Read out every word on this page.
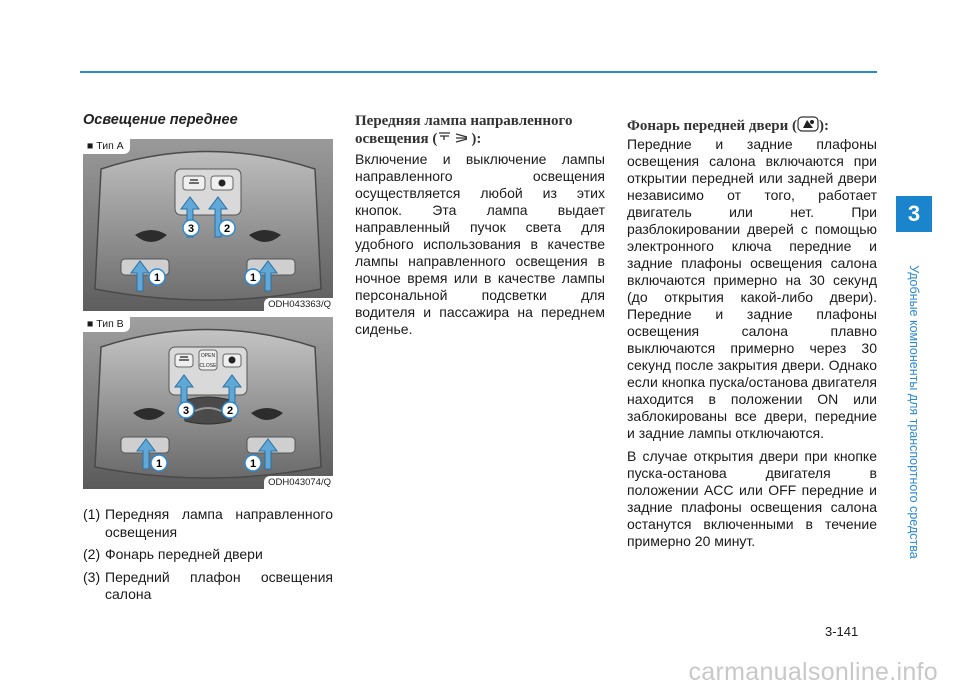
3
Удобные компоненты для транспортного средства
Освещение переднее
3	2
1	1
■ Тип A
ODH043363/Q
OPEN
CLOSE
3	2
1	1
■ Тип B
ODH043074/Q
(1) Передняя лампа направленного освещения
(2) Фонарь передней двери
(3) Передний плафон освещения салона
Передняя лампа направленного
освещения ( ):

Включение и выключение лампы направленного освещения осуществляется любой из этих кнопок. Эта лампа выдает направленный пучок света для удобного использования в качестве лампы направленного освещения в ночное время или в качестве лампы персональной подсветки для водителя и пассажира на переднем сиденье.

Фонарь передней двери ( ):

Передние и задние плафоны освещения салона включаются при открытии передней или задней двери независимо от того, работает двигатель или нет. При разблокировании дверей с помощью электронного ключа передние и задние плафоны освещения салона включаются примерно на 30 секунд (до открытия какой-либо двери). Передние и задние плафоны освещения салона плавно выключаются примерно через 30 секунд после закрытия двери. Однако если кнопка пуска/останова двигателя находится в положении ON или заблокированы все двери, передние и задние лампы отключаются.

В случае открытия двери при кнопке пуска-останова двигателя в положении ACC или OFF передние и задние плафоны освещения салона останутся включенными в течение примерно 20 минут.

3-141
carmanualsonline.info
